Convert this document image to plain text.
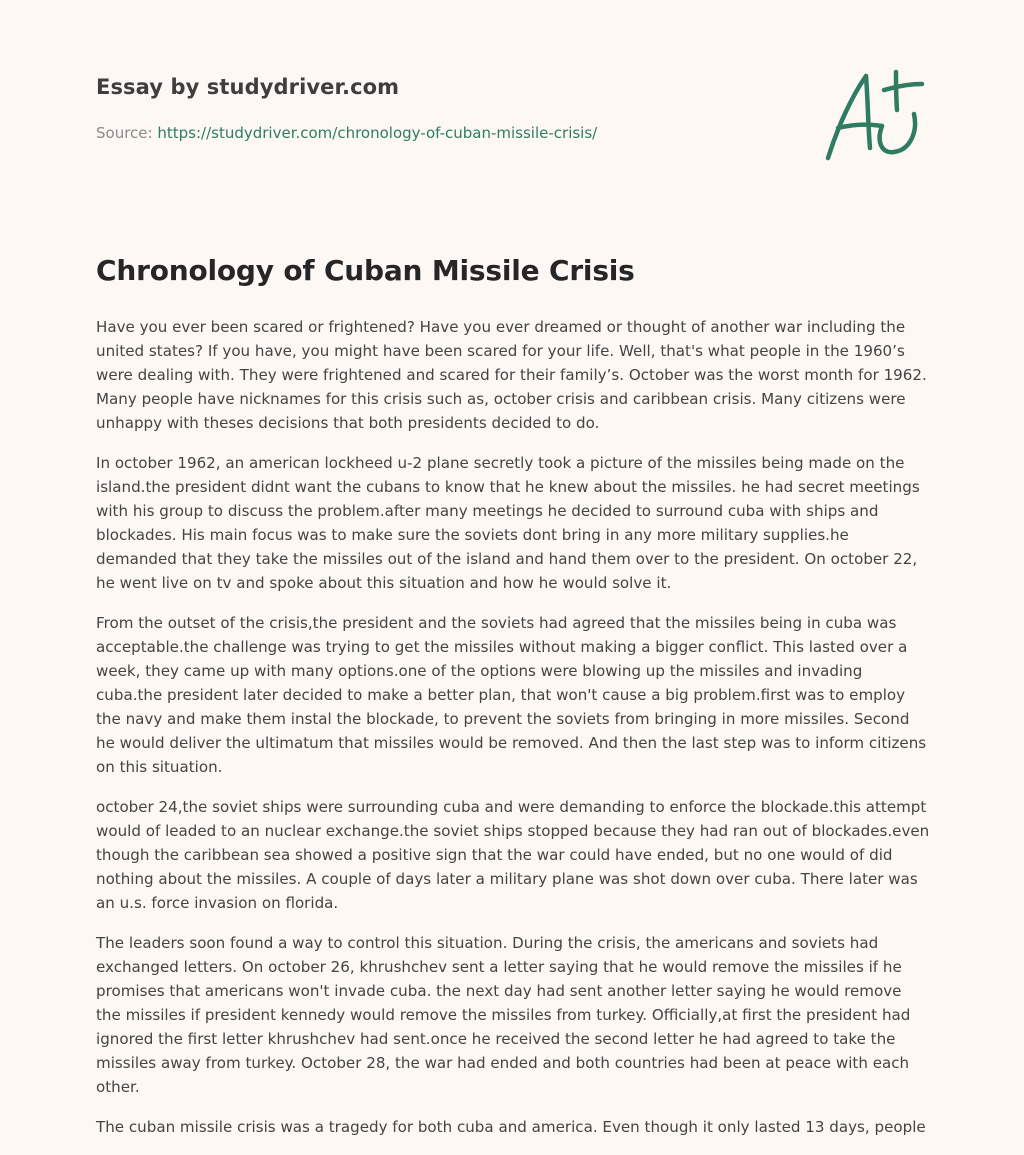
Essay by studydriver.com
Source: https://studydriver.com/chronology-of-cuban-missile-crisis/
Chronology of Cuban Missile Crisis

Have you ever been scared or frightened? Have you ever dreamed or thought of another war including the united states? If you have, you might have been scared for your life. Well, that's what people in the 1960’s were dealing with. They were frightened and scared for their family’s. October was the worst month for 1962. Many people have nicknames for this crisis such as, october crisis and caribbean crisis. Many citizens were unhappy with theses decisions that both presidents decided to do.

In october 1962, an american lockheed u-2 plane secretly took a picture of the missiles being made on the island.the president didnt want the cubans to know that he knew about the missiles. he had secret meetings with his group to discuss the problem.after many meetings he decided to surround cuba with ships and blockades. His main focus was to make sure the soviets dont bring in any more military supplies.he demanded that they take the missiles out of the island and hand them over to the president. On october 22, he went live on tv and spoke about this situation and how he would solve it.

From the outset of the crisis,the president and the soviets had agreed that the missiles being in cuba was acceptable.the challenge was trying to get the missiles without making a bigger conflict. This lasted over a week, they came up with many options.one of the options were blowing up the missiles and invading cuba.the president later decided to make a better plan, that won't cause a big problem.first was to employ the navy and make them instal the blockade, to prevent the soviets from bringing in more missiles. Second he would deliver the ultimatum that missiles would be removed. And then the last step was to inform citizens on this situation.

october 24,the soviet ships were surrounding cuba and were demanding to enforce the blockade.this attempt would of leaded to an nuclear exchange.the soviet ships stopped because they had ran out of blockades.even though the caribbean sea showed a positive sign that the war could have ended, but no one would of did nothing about the missiles. A couple of days later a military plane was shot down over cuba. There later was an u.s. force invasion on florida.

The leaders soon found a way to control this situation. During the crisis, the americans and soviets had exchanged letters. On october 26, khrushchev sent a letter saying that he would remove the missiles if he promises that americans won't invade cuba. the next day had sent another letter saying he would remove the missiles if president kennedy would remove the missiles from turkey. Officially,at first the president had ignored the first letter khrushchev had sent.once he received the second letter he had agreed to take the missiles away from turkey. October 28, the war had ended and both countries had been at peace with each other.

The cuban missile crisis was a tragedy for both cuba and america. Even though it only lasted 13 days, people
